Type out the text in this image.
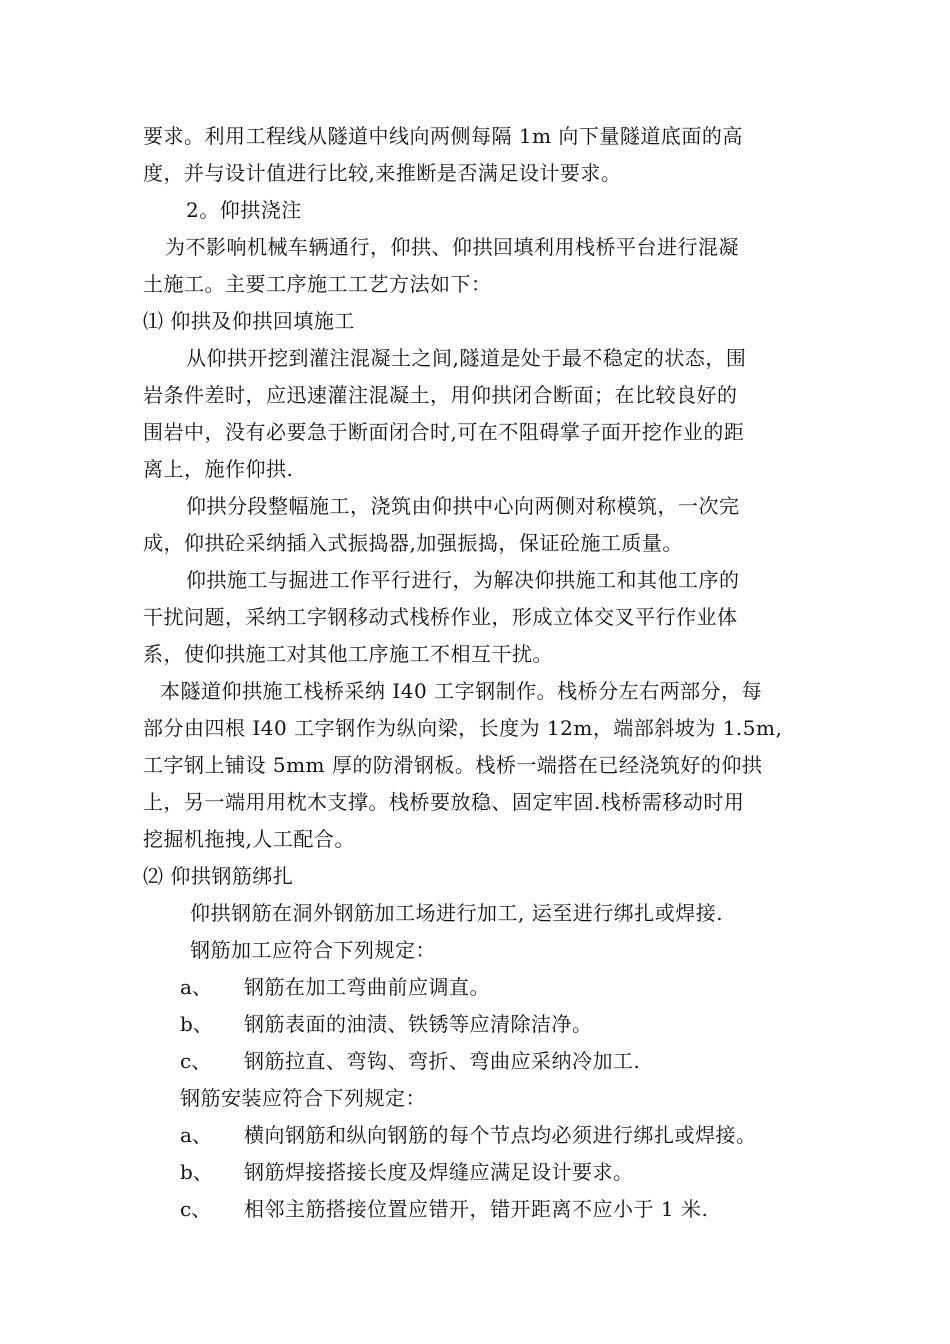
要求。利用工程线从隧道中线向两侧每隔 1m 向下量隧道底面的高
度，并与设计值进行比较,来推断是否满足设计要求。
2。仰拱浇注
为不影响机械车辆通行，仰拱、仰拱回填利用栈桥平台进行混凝
土施工。主要工序施工工艺方法如下：
⑴ 仰拱及仰拱回填施工
从仰拱开挖到灌注混凝土之间,隧道是处于最不稳定的状态，围
岩条件差时，应迅速灌注混凝土，用仰拱闭合断面；在比较良好的
围岩中，没有必要急于断面闭合时,可在不阻碍掌子面开挖作业的距
离上，施作仰拱.
仰拱分段整幅施工，浇筑由仰拱中心向两侧对称模筑，一次完
成，仰拱砼采纳插入式振捣器,加强振捣，保证砼施工质量。
仰拱施工与掘进工作平行进行，为解决仰拱施工和其他工序的
干扰问题，采纳工字钢移动式栈桥作业，形成立体交叉平行作业体
系，使仰拱施工对其他工序施工不相互干扰。
本隧道仰拱施工栈桥采纳 I40 工字钢制作。栈桥分左右两部分，每
部分由四根 I40 工字钢作为纵向梁，长度为 12m，端部斜坡为 1.5m,
工字钢上铺设 5mm 厚的防滑钢板。栈桥一端搭在已经浇筑好的仰拱
上，另一端用用枕木支撑。栈桥要放稳、固定牢固.栈桥需移动时用
挖掘机拖拽,人工配合。
⑵ 仰拱钢筋绑扎
仰拱钢筋在洞外钢筋加工场进行加工, 运至进行绑扎或焊接.
钢筋加工应符合下列规定：
a、 钢筋在加工弯曲前应调直。
b、 钢筋表面的油渍、铁锈等应清除洁净。
c、 钢筋拉直、弯钩、弯折、弯曲应采纳冷加工.
钢筋安装应符合下列规定：
a、 横向钢筋和纵向钢筋的每个节点均必须进行绑扎或焊接。
b、 钢筋焊接搭接长度及焊缝应满足设计要求。
c、 相邻主筋搭接位置应错开，错开距离不应小于 1 米.
